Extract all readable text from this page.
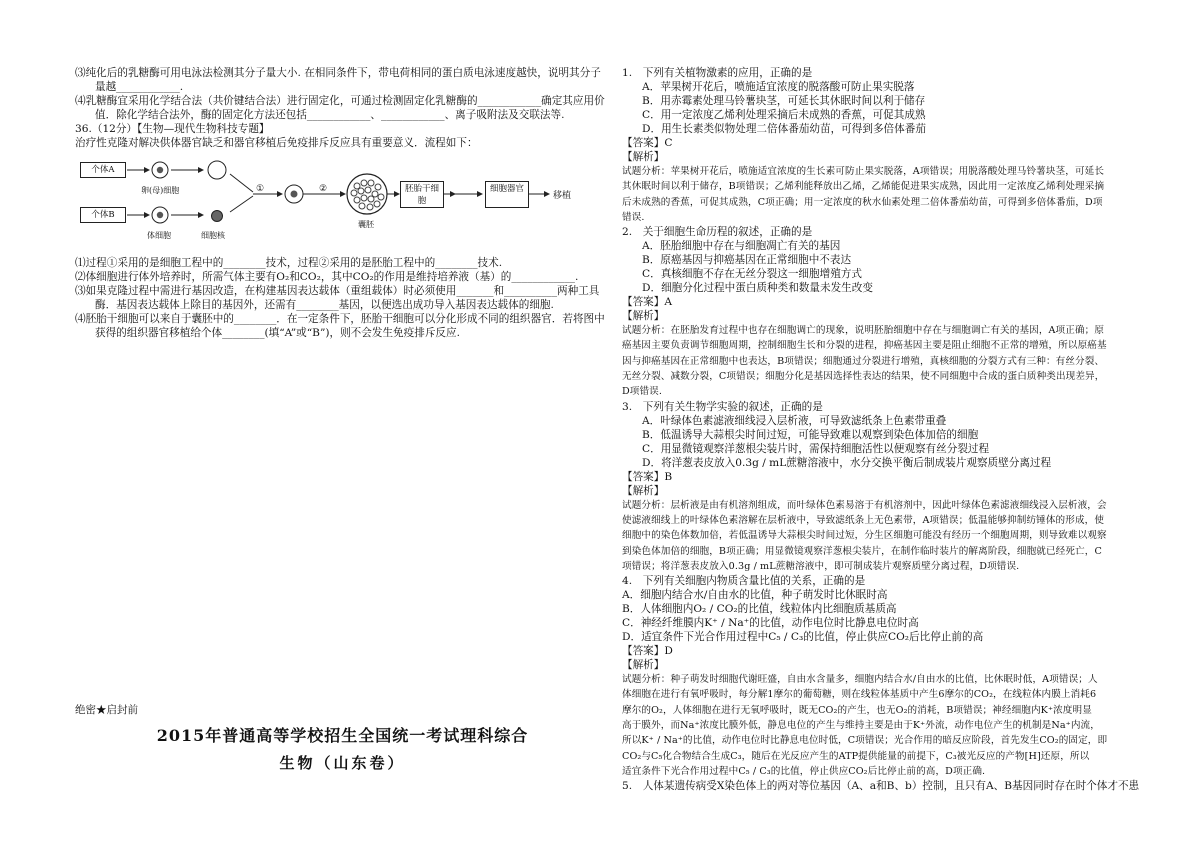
⑶纯化后的乳糖酶可用电泳法检测其分子量大小. 在相同条件下，带电荷相同的蛋白质电泳速度越快，说明其分子
量越____________.
⑷乳糖酶宜采用化学结合法（共价键结合法）进行固定化，可通过检测固定化乳糖酶的____________确定其应用价
值．除化学结合法外，酶的固定化方法还包括____________、____________、离子吸附法及交联法等.
36.（12分）【生物—现代生物科技专题】
治疗性克隆对解决供体器官缺乏和器官移植后免疫排斥反应具有重要意义．流程如下：
个体A
个体B
卵(母)细胞
体细胞	细胞核
①	②
囊胚
胚胎干细胞
细胞器官
移植
⑴过程①采用的是细胞工程中的________技术，过程②采用的是胚胎工程中的________技术.
⑵体细胞进行体外培养时，所需气体主要有O₂和CO₂，其中CO₂的作用是维持培养液（基）的____________.
⑶如果克隆过程中需进行基因改造，在构建基因表达载体（重组载体）时必须使用_______和__________两种工具
酶．基因表达载体上除目的基因外，还需有________基因，以便选出成功导入基因表达载体的细胞.
⑷胚胎干细胞可以来自于囊胚中的________．在一定条件下，胚胎干细胞可以分化形成不同的组织器官．若将图中
获得的组织器官移植给个体________(填“A”或“B”)，则不会发生免疫排斥反应.
绝密★启封前
2015年普通高等学校招生全国统一考试理科综合
生物（山东卷）
1.　下列有关植物激素的应用，正确的是
A．苹果树开花后，喷施适宜浓度的脱落酸可防止果实脱落
B．用赤霉素处理马铃薯块茎，可延长其休眠时间以利于储存
C．用一定浓度乙烯利处理采摘后未成熟的香蕉，可促其成熟
D．用生长素类似物处理二倍体番茄幼苗，可得到多倍体番茄
【答案】C
【解析】
试题分析：苹果树开花后，喷施适宜浓度的生长素可防止果实脱落，A项错误；用脱落酸处理马铃薯块茎，可延长
其休眠时间以利于储存，B项错误；乙烯利能释放出乙烯，乙烯能促进果实成熟，因此用一定浓度乙烯利处理采摘
后未成熟的香蕉，可促其成熟，C项正确；用一定浓度的秋水仙素处理二倍体番茄幼苗，可得到多倍体番茄，D项
错误.
2.　关于细胞生命历程的叙述，正确的是
A．胚胎细胞中存在与细胞凋亡有关的基因
B．原癌基因与抑癌基因在正常细胞中不表达
C．真核细胞不存在无丝分裂这一细胞增殖方式
D．细胞分化过程中蛋白质种类和数量未发生改变
【答案】A
【解析】
试题分析：在胚胎发育过程中也存在细胞调亡的现象，说明胚胎细胞中存在与细胞调亡有关的基因，A项正确；原
癌基因主要负责调节细胞周期，控制细胞生长和分裂的进程，抑癌基因主要是阻止细胞不正常的增殖，所以原癌基
因与抑癌基因在正常细胞中也表达，B项错误；细胞通过分裂进行增殖，真核细胞的分裂方式有三种：有丝分裂、
无丝分裂、减数分裂，C项错误；细胞分化是基因选择性表达的结果，使不同细胞中合成的蛋白质种类出现差异，
D项错误.
3.　下列有关生物学实验的叙述，正确的是
A．叶绿体色素滤液细线浸入层析液，可导致滤纸条上色素带重叠
B．低温诱导大蒜根尖时间过短，可能导致难以观察到染色体加倍的细胞
C．用显微镜观察洋葱根尖装片时，需保持细胞活性以便观察有丝分裂过程
D．将洋葱表皮放入0.3g / mL蔗糖溶液中，水分交换平衡后制成装片观察质壁分离过程
【答案】B
【解析】
试题分析：层析液是由有机溶剂组成，而叶绿体色素易溶于有机溶剂中，因此叶绿体色素滤液细线浸入层析液，会
使滤液细线上的叶绿体色素溶解在层析液中，导致滤纸条上无色素带，A项错误；低温能够抑制纺锤体的形成，使
细胞中的染色体数加倍，若低温诱导大蒜根尖时间过短，分生区细胞可能没有经历一个细胞周期，则导致难以观察
到染色体加倍的细胞，B项正确；用显微镜观察洋葱根尖装片，在制作临时装片的解离阶段，细胞就已经死亡，C
项错误；将洋葱表皮放入0.3g / mL蔗糖溶液中，即可制成装片观察质壁分离过程，D项错误.
4.　下列有关细胞内物质含量比值的关系，正确的是
A．细胞内结合水/自由水的比值，种子萌发时比休眠时高
B．人体细胞内O₂ / CO₂的比值，线粒体内比细胞质基质高
C．神经纤维膜内K⁺ / Na⁺的比值，动作电位时比静息电位时高
D．适宜条件下光合作用过程中C₅ / C₃的比值，停止供应CO₂后比停止前的高
【答案】D
【解析】
试题分析：种子萌发时细胞代谢旺盛，自由水含量多，细胞内结合水/自由水的比值，比休眠时低，A项错误；人
体细胞在进行有氧呼吸时，每分解1摩尔的葡萄糖，则在线粒体基质中产生6摩尔的CO₂，在线粒体内膜上消耗6
摩尔的O₂，人体细胞在进行无氧呼吸时，既无CO₂的产生，也无O₂的消耗，B项错误；神经细胞内K⁺浓度明显
高于膜外，而Na⁺浓度比膜外低，静息电位的产生与维持主要是由于K⁺外流，动作电位产生的机制是Na⁺内流，
所以K⁺ / Na⁺的比值，动作电位时比静息电位时低，C项错误；光合作用的暗反应阶段，首先发生CO₂的固定，即
CO₂与C₅化合物结合生成C₃，随后在光反应产生的ATP提供能量的前提下，C₃被光反应的产物[H]还原，所以
适宜条件下光合作用过程中C₅ / C₃的比值，停止供应CO₂后比停止前的高，D项正确.
5.　人体某遗传病受X染色体上的两对等位基因（A、a和B、b）控制，且只有A、B基因同时存在时个体才不患
